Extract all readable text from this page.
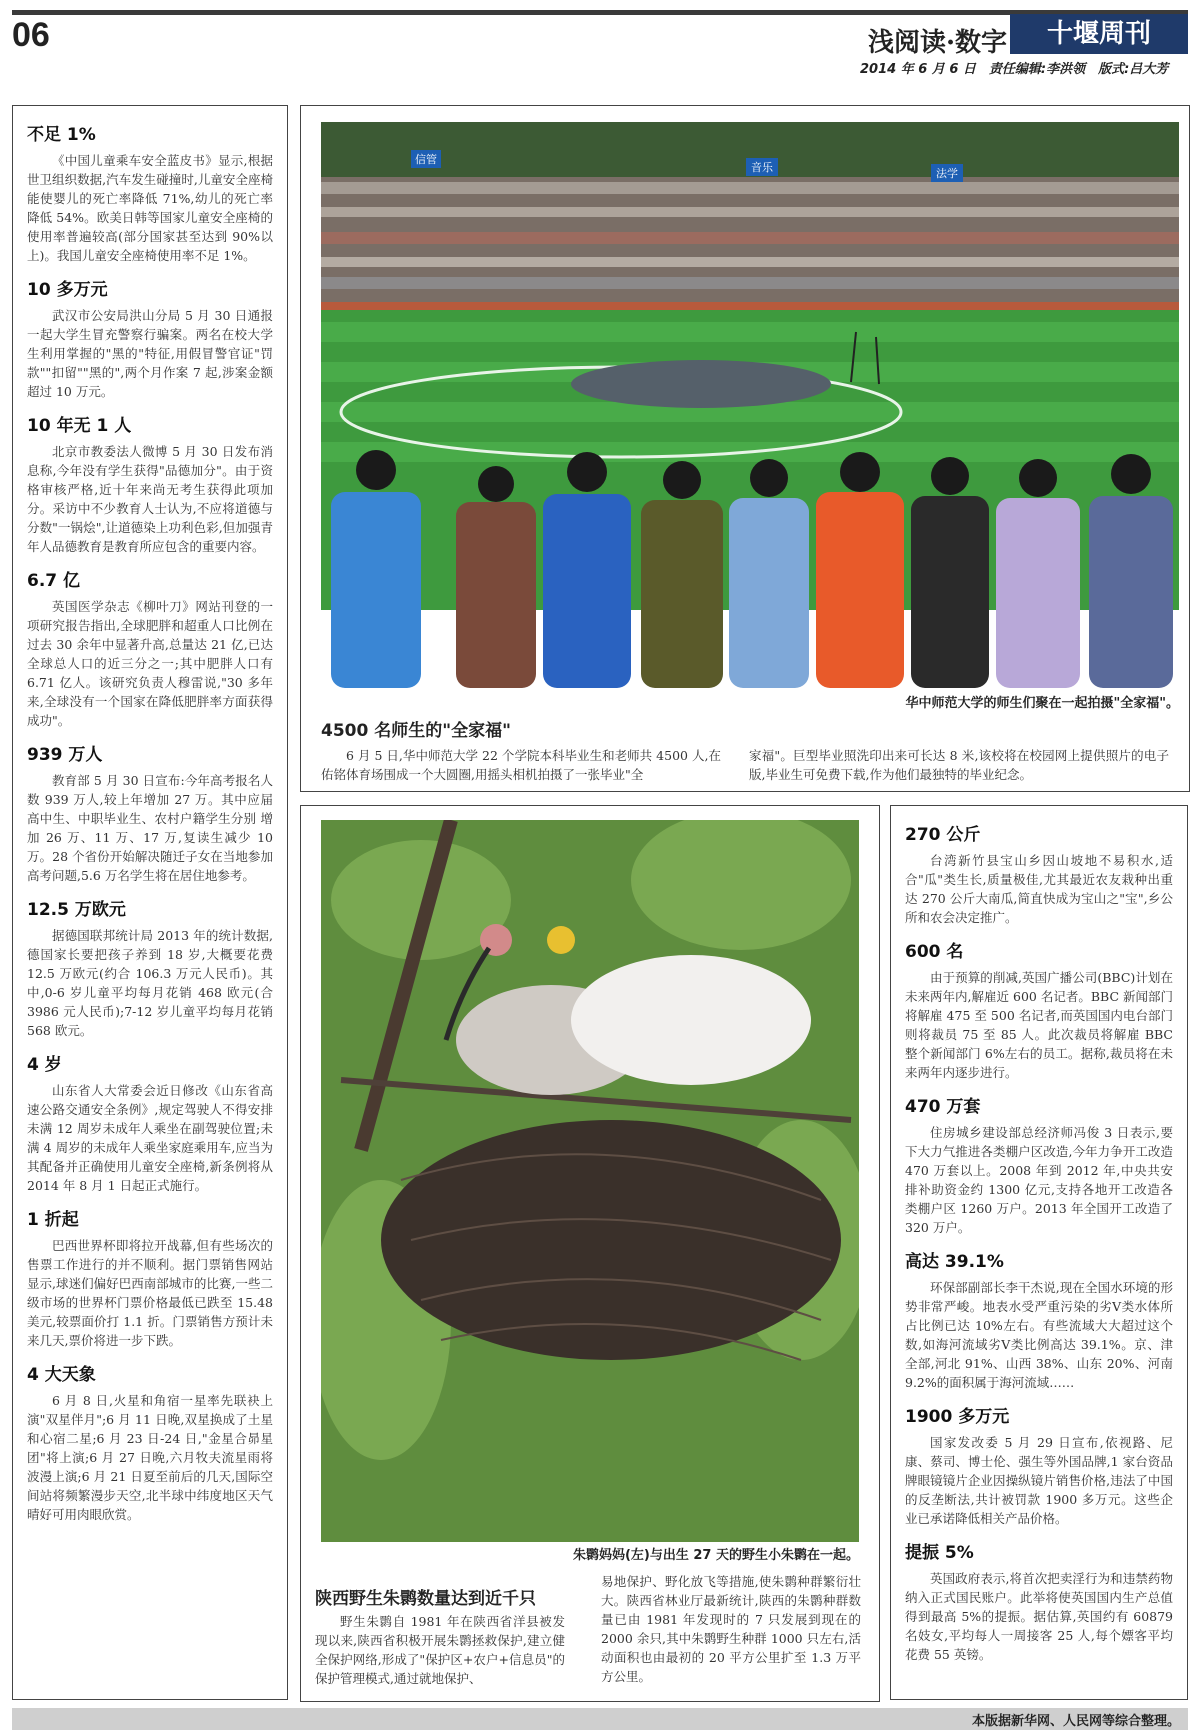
06	浅阅读·数字	十堰周刊
2014 年 6 月 6 日　责任编辑:李洪领　版式:吕大芳
不足 1%

《中国儿童乘车安全蓝皮书》显示,根据世卫组织数据,汽车发生碰撞时,儿童安全座椅能使婴儿的死亡率降低 71%,幼儿的死亡率降低 54%。欧美日韩等国家儿童安全座椅的使用率普遍较高(部分国家甚至达到 90%以上)。我国儿童安全座椅使用率不足 1%。

10 多万元

武汉市公安局洪山分局 5 月 30 日通报一起大学生冒充警察行骗案。两名在校大学生利用掌握的"黑的"特征,用假冒警官证"罚款""扣留""黑的",两个月作案 7 起,涉案金额超过 10 万元。

10 年无 1 人

北京市教委法人微博 5 月 30 日发布消息称,今年没有学生获得"品德加分"。由于资格审核严格,近十年来尚无考生获得此项加分。采访中不少教育人士认为,不应将道德与分数"一锅烩",让道德染上功利色彩,但加强青年人品德教育是教育所应包含的重要内容。

6.7 亿

英国医学杂志《柳叶刀》网站刊登的一项研究报告指出,全球肥胖和超重人口比例在过去 30 余年中显著升高,总量达 21 亿,已达全球总人口的近三分之一;其中肥胖人口有 6.71 亿人。该研究负责人穆雷说,"30 多年来,全球没有一个国家在降低肥胖率方面获得成功"。

939 万人

教育部 5 月 30 日宣布:今年高考报名人数 939 万人,较上年增加 27 万。其中应届高中生、中职毕业生、农村户籍学生分别 增加 26 万、11 万、17 万,复读生减少 10 万。28 个省份开始解决随迁子女在当地参加高考问题,5.6 万名学生将在居住地参考。

12.5 万欧元

据德国联邦统计局 2013 年的统计数据,德国家长要把孩子养到 18 岁,大概要花费 12.5 万欧元(约合 106.3 万元人民币)。其中,0-6 岁儿童平均每月花销 468 欧元(合 3986 元人民币);7-12 岁儿童平均每月花销 568 欧元。

4 岁

山东省人大常委会近日修改《山东省高速公路交通安全条例》,规定驾驶人不得安排未满 12 周岁未成年人乘坐在副驾驶位置;未满 4 周岁的未成年人乘坐家庭乘用车,应当为其配备并正确使用儿童安全座椅,新条例将从 2014 年 8 月 1 日起正式施行。

1 折起

巴西世界杯即将拉开战幕,但有些场次的售票工作进行的并不顺利。据门票销售网站显示,球迷们偏好巴西南部城市的比赛,一些二级市场的世界杯门票价格最低已跌至 15.48 美元,较票面价打 1.1 折。门票销售方预计未来几天,票价将进一步下跌。

4 大天象

6 月 8 日,火星和角宿一星率先联袂上演"双星伴月";6 月 11 日晚,双星换成了土星和心宿二星;6 月 23 日-24 日,"金星合昴星团"将上演;6 月 27 日晚,六月牧夫流星雨将波漫上演;6 月 21 日夏至前后的几天,国际空间站将频繁漫步天空,北半球中纬度地区天气晴好可用肉眼欣赏。

信管
音乐	法学
华中师范大学的师生们聚在一起拍摄"全家福"。
4500 名师生的"全家福"

6 月 5 日,华中师范大学 22 个学院本科毕业生和老师共 4500 人,在佑铭体育场围成一个大圆圈,用摇头相机拍摄了一张毕业"全

家福"。巨型毕业照洗印出来可长达 8 米,该校将在校园网上提供照片的电子版,毕业生可免费下载,作为他们最独特的毕业纪念。

朱鹮妈妈(左)与出生 27 天的野生小朱鹮在一起。
陕西野生朱鹮数量达到近千只

野生朱鹮自 1981 年在陕西省洋县被发现以来,陕西省积极开展朱鹮拯救保护,建立健全保护网络,形成了"保护区+农户+信息员"的保护管理模式,通过就地保护、

易地保护、野化放飞等措施,使朱鹮种群繁衍壮大。陕西省林业厅最新统计,陕西的朱鹮种群数量已由 1981 年发现时的 7 只发展到现在的 2000 余只,其中朱鹮野生种群 1000 只左右,活动面积也由最初的 20 平方公里扩至 1.3 万平方公里。

270 公斤

台湾新竹县宝山乡因山坡地不易积水,适合"瓜"类生长,质量极佳,尤其最近农友栽种出重达 270 公斤大南瓜,简直快成为宝山之"宝",乡公所和农会决定推广。

600 名

由于预算的削减,英国广播公司(BBC)计划在未来两年内,解雇近 600 名记者。BBC 新闻部门将解雇 475 至 500 名记者,而英国国内电台部门则将裁员 75 至 85 人。此次裁员将解雇 BBC 整个新闻部门 6%左右的员工。据称,裁员将在未来两年内逐步进行。

470 万套

住房城乡建设部总经济师冯俊 3 日表示,要下大力气推进各类棚户区改造,今年力争开工改造 470 万套以上。2008 年到 2012 年,中央共安排补助资金约 1300 亿元,支持各地开工改造各类棚户区 1260 万户。2013 年全国开工改造了 320 万户。

高达 39.1%

环保部副部长李干杰说,现在全国水环境的形势非常严峻。地表水受严重污染的劣Ⅴ类水体所占比例已达 10%左右。有些流域大大超过这个数,如海河流域劣Ⅴ类比例高达 39.1%。京、津全部,河北 91%、山西 38%、山东 20%、河南 9.2%的面积属于海河流域……

1900 多万元

国家发改委 5 月 29 日宣布,依视路、尼康、蔡司、博士伦、强生等外国品牌,1 家台资品牌眼镜镜片企业因操纵镜片销售价格,违法了中国的反垄断法,共计被罚款 1900 多万元。这些企业已承诺降低相关产品价格。

提振 5%

英国政府表示,将首次把卖淫行为和违禁药物纳入正式国民账户。此举将使英国国内生产总值得到最高 5%的提振。据估算,英国约有 60879 名妓女,平均每人一周接客 25 人,每个嫖客平均花费 55 英镑。

本版据新华网、人民网等综合整理。
